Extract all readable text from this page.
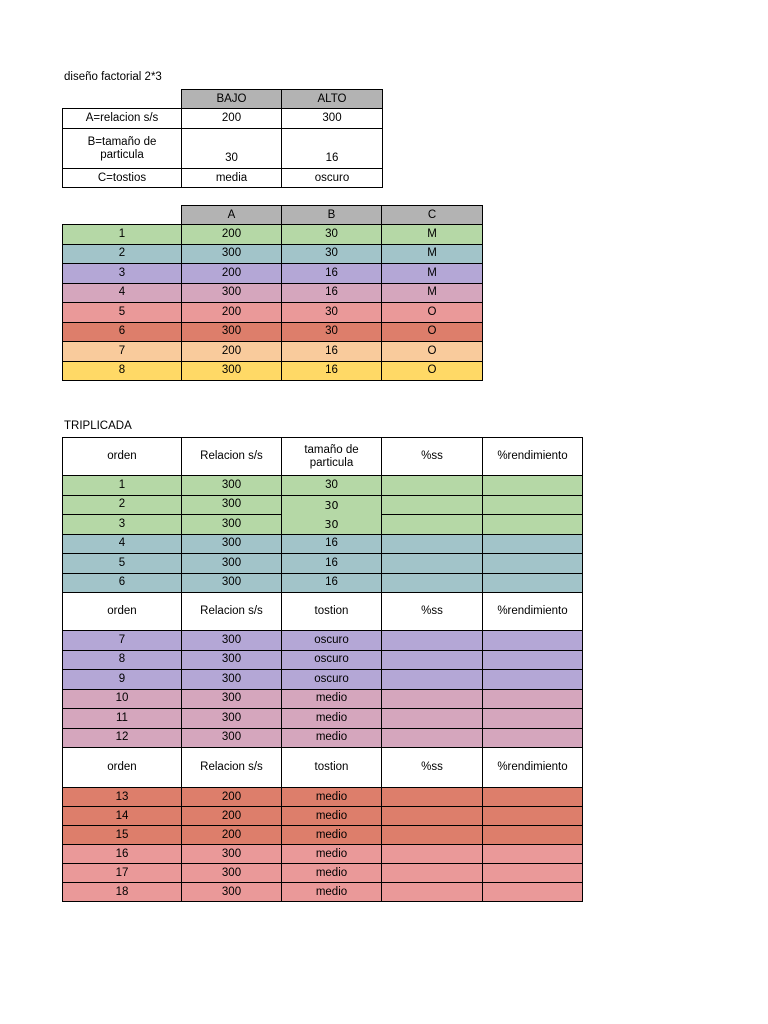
diseño factorial 2*3
	BAJO	ALTO
A=relacion s/s	200	300
B=tamaño de particula	30	16
C=tostios	media	oscuro
	A	B	C
1	200	30	M
2	300	30	M
3	200	16	M
4	300	16	M
5	200	30	O
6	300	30	O
7	200	16	O
8	300	16	O
TRIPLICADA
orden	Relacion s/s	tamaño de particula	%ss	%rendimiento
1	300	30		
2	300	30		
3	300	30		
4	300	16		
5	300	16		
6	300	16		
orden	Relacion s/s	tostion	%ss	%rendimiento
7	300	oscuro		
8	300	oscuro		
9	300	oscuro		
10	300	medio		
11	300	medio		
12	300	medio		
orden	Relacion s/s	tostion	%ss	%rendimiento
13	200	medio		
14	200	medio		
15	200	medio		
16	300	medio		
17	300	medio		
18	300	medio		
